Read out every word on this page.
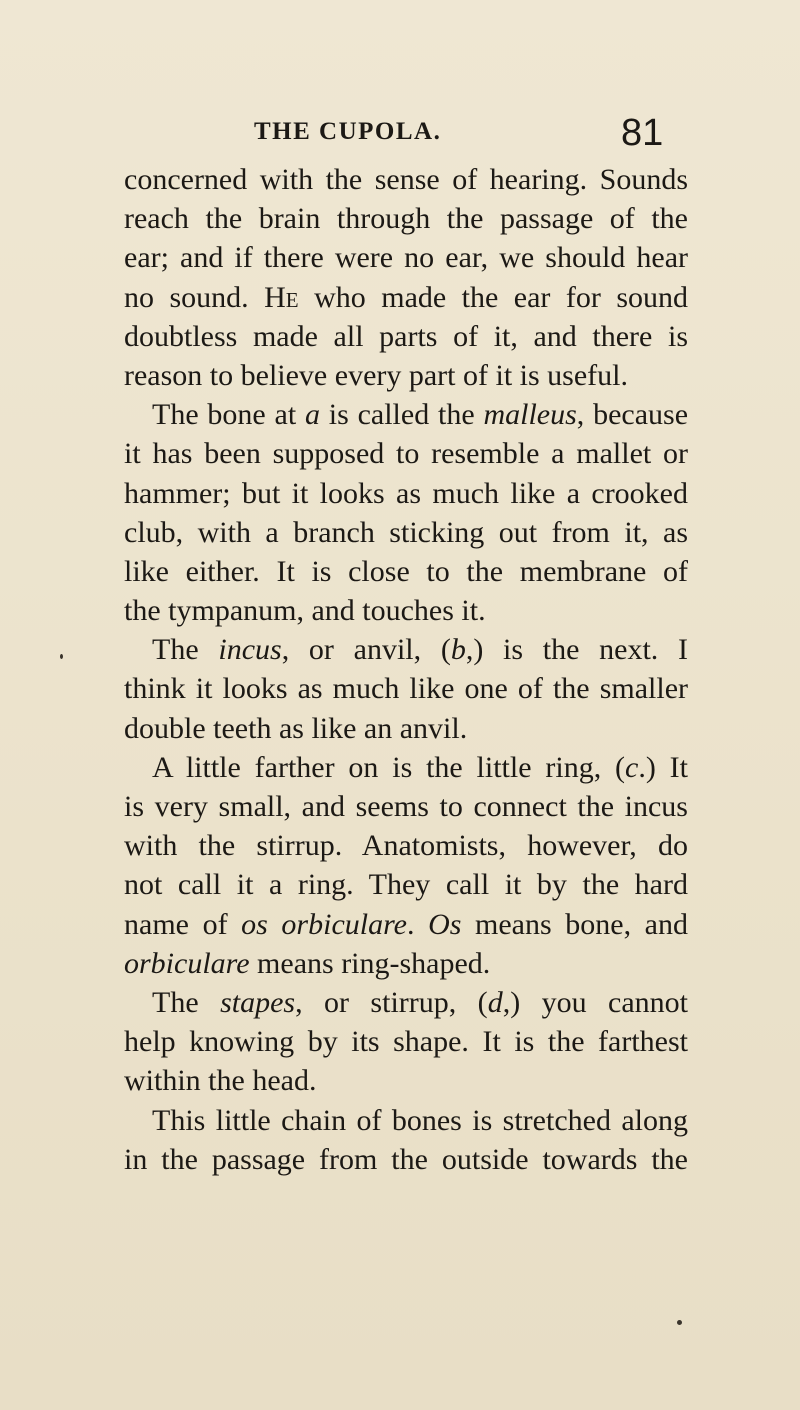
THE CUPOLA.	81
concerned with the sense of hearing. Sounds
reach the brain through the passage of the
ear; and if there were no ear, we should hear
no sound. He who made the ear for sound
doubtless made all parts of it, and there is
reason to believe every part of it is useful.
The bone at a is called the malleus, because
it has been supposed to resemble a mallet or
hammer; but it looks as much like a crooked
club, with a branch sticking out from it, as
like either. It is close to the membrane of
the tympanum, and touches it.
The incus, or anvil, (b,) is the next. I
think it looks as much like one of the smaller
double teeth as like an anvil.
A little farther on is the little ring, (c.) It
is very small, and seems to connect the incus
with the stirrup. Anatomists, however, do
not call it a ring. They call it by the hard
name of os orbiculare. Os means bone, and
orbiculare means ring-shaped.
The stapes, or stirrup, (d,) you cannot
help knowing by its shape. It is the farthest
within the head.
This little chain of bones is stretched along
in the passage from the outside towards the
